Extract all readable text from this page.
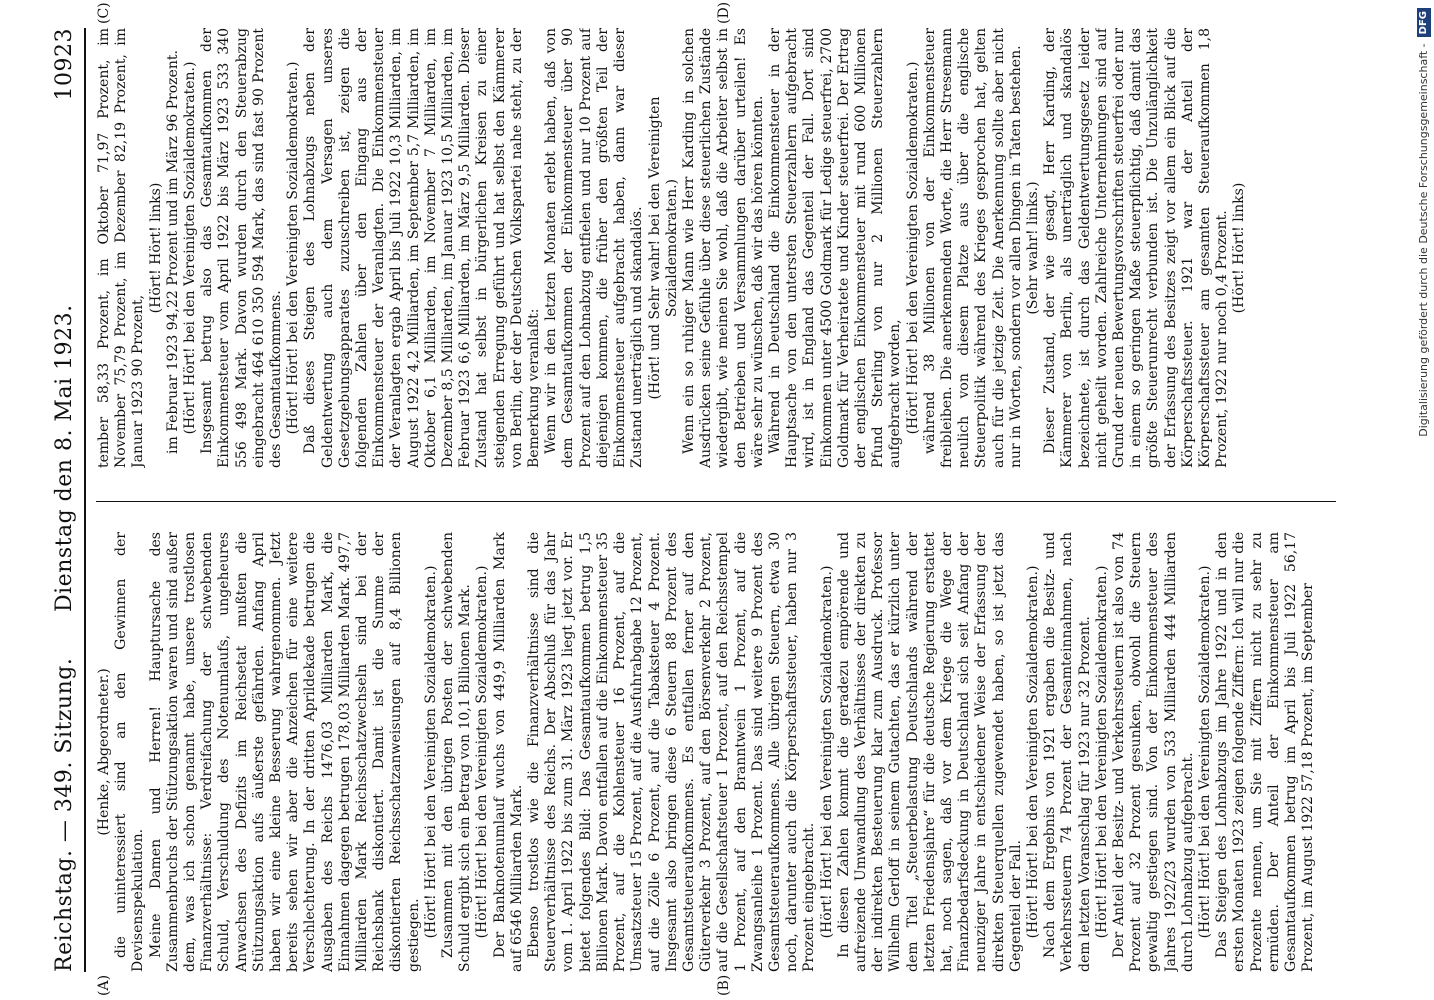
Reichstag. — 349. Sitzung.
Dienstag den 8. Mai 1923.
10923
(A)	(B)
(C)	(D)

(Henke, Abgeordneter.) die uninteressiert sind an den Gewinnen der Devisenspekulation. Meine Damen und Herren! Hauptursache des Zusammenbruchs der Stützungsaktion waren und sind außer dem, was ich schon genannt habe, unsere trostlosen Finanzverhältnisse: Verdreifachung der schwebenden Schuld, Verschuldung des Notenumlaufs, ungeheures Anwachsen des Defizits im Reichsetat mußten die Stützungsaktion aufs äußerste gefährden. Anfang April haben wir eine kleine Besserung wahrgenommen. Jetzt bereits sehen wir aber die Anzeichen für eine weitere Verschlechterung. In der dritten Aprildekade betrugen die Ausgaben des Reichs 1476,03 Milliarden Mark, die Einnahmen dagegen betrugen 178,03 Milliarden Mark. 497,7 Milliarden Mark Reichsschatzwechseln sind bei der Reichsbank diskontiert. Damit ist die Summe der diskontierten Reichsschatzanweisungen auf 8,4 Billionen gestiegen. (Hört! Hört! bei den Vereinigten Sozialdemokraten.) Zusammen mit den übrigen Posten der schwebenden Schuld ergibt sich ein Betrag von 10,1 Billionen Mark. (Hört! Hört! bei den Vereinigten Sozialdemokraten.) Der Banknotenumlauf wuchs von 449,9 Milliarden Mark auf 6546 Milliarden Mark. Ebenso trostlos wie die Finanzverhältnisse sind die Steuerverhältnisse des Reichs. Der Abschluß für das Jahr vom 1. April 1922 bis zum 31. März 1923 liegt jetzt vor. Er bietet folgendes Bild: Das Gesamtaufkommen betrug 1,5 Billionen Mark. Davon entfallen auf die Einkommensteuer 35 Prozent, auf die Kohlensteuer 16 Prozent, auf die Umsatzsteuer 15 Prozent, auf die Ausfuhrabgabe 12 Prozent, auf die Zölle 6 Prozent, auf die Tabaksteuer 4 Prozent. Insgesamt also bringen diese 6 Steuern 88 Prozent des Gesamtsteueraufkommens. Es entfallen ferner auf den Güterverkehr 3 Prozent, auf den Börsenverkehr 2 Prozent, auf die Gesellschaftsteuer 1 Prozent, auf den Reichsstempel 1 Prozent, auf den Branntwein 1 Prozent, auf die Zwangsanleihe 1 Prozent. Das sind weitere 9 Prozent des Gesamtsteueraufkommens. Alle übrigen Steuern, etwa 30 noch, darunter auch die Körperschaftssteuer, haben nur 3 Prozent eingebracht. (Hört! Hört! bei den Vereinigten Sozialdemokraten.) In diesen Zahlen kommt die geradezu empörende und aufreizende Umwandlung des Verhältnisses der direkten zu der indirekten Besteuerung klar zum Ausdruck. Professor Wilhelm Gerloff in seinem Gutachten, das er kürzlich unter dem Titel „Steuerbelastung Deutschlands während der letzten Friedensjahre“ für die deutsche Regierung erstattet hat, noch sagen, daß vor dem Kriege die Wege der Finanzbedarfsdeckung in Deutschland sich seit Anfang der neunziger Jahre in entschiedener Weise der Erfassung der direkten Steuerquellen zugewendet haben, so ist jetzt das Gegenteil der Fall. (Hört! Hört! bei den Vereinigten Sozialdemokraten.) Nach dem Ergebnis von 1921 ergaben die Besitz- und Verkehrssteuern 74 Prozent der Gesamteinnahmen, nach dem letzten Voranschlag für 1923 nur 32 Prozent. (Hört! Hört! bei den Vereinigten Sozialdemokraten.) Der Anteil der Besitz- und Verkehrssteuern ist also von 74 Prozent auf 32 Prozent gesunken, obwohl die Steuern gewaltig gestiegen sind. Von der Einkommensteuer des Jahres 1922/23 wurden von 533 Milliarden 444 Milliarden durch Lohnabzug aufgebracht. (Hört! Hört! bei den Vereinigten Sozialdemokraten.) Das Steigen des Lohnabzugs im Jahre 1922 und in den ersten Monaten 1923 zeigen folgende Ziffern: Ich will nur die Prozente nennen, um Sie mit Ziffern nicht zu sehr zu ermüden. Der Anteil der Einkommensteuer am Gesamtaufkommen betrug im April bis Juli 1922 56,17 Prozent, im August 1922 57,18 Prozent, im September

tember 58,33 Prozent, im Oktober 71,97 Prozent, im November 75,79 Prozent, im Dezember 82,19 Prozent, im Januar 1923 90 Prozent,

(Hört! Hört! links) im Februar 1923 94,22 Prozent und im März 96 Prozent. (Hört! Hört! bei den Vereinigten Sozialdemokraten.) Insgesamt betrug also das Gesamtaufkommen der Einkommensteuer vom April 1922 bis März 1923 533 340 556 498 Mark. Davon wurden durch den Steuerabzug eingebracht 464 610 350 594 Mark, das sind fast 90 Prozent des Gesamtaufkommens. (Hört! Hört! bei den Vereinigten Sozialdemokraten.) Daß dieses Steigen des Lohnabzugs neben der Geldentwertung auch dem Versagen unseres Gesetzgebungsapparates zuzuschreiben ist, zeigen die folgenden Zahlen über den Eingang aus der Einkommensteuer der Veranlagten. Die Einkommensteuer der Veranlagten ergab April bis Juli 1922 10,3 Milliarden, im August 1922 4,2 Milliarden, im September 5,7 Milliarden, im Oktober 6,1 Milliarden, im November 7 Milliarden, im Dezember 8,5 Milliarden, im Januar 1923 10,5 Milliarden, im Februar 1923 6,6 Milliarden, im März 9,5 Milliarden. Dieser Zustand hat selbst in bürgerlichen Kreisen zu einer steigenden Erregung geführt und hat selbst den Kämmerer von Berlin, der der Deutschen Volkspartei nahe steht, zu der Bemerkung veranlaßt: Wenn wir in den letzten Monaten erlebt haben, daß von dem Gesamtaufkommen der Einkommensteuer über 90 Prozent auf den Lohnabzug entfielen und nur 10 Prozent auf diejenigen kommen, die früher den größten Teil der Einkommensteuer aufgebracht haben, dann war dieser Zustand unerträglich und skandalös. (Hört! und Sehr wahr! bei den Vereinigten Sozialdemokraten.) Wenn ein so ruhiger Mann wie Herr Karding in solchen Ausdrücken seine Gefühle über diese steuerlichen Zustände wiedergibt, wie meinen Sie wohl, daß die Arbeiter selbst in den Betrieben und Versammlungen darüber urteilen! Es wäre sehr zu wünschen, daß wir das hören könnten. Während in Deutschland die Einkommensteuer in der Hauptsache von den untersten Steuerzahlern aufgebracht wird, ist in England das Gegenteil der Fall. Dort sind Einkommen unter 4500 Goldmark für Ledige steuerfrei, 2700 Goldmark für Verheiratete und Kinder steuerfrei. Der Ertrag der englischen Einkommensteuer mit rund 600 Millionen Pfund Sterling von nur 2 Millionen Steuerzahlern aufgebracht worden, (Hört! Hört! bei den Vereinigten Sozialdemokraten.) während 38 Millionen von der Einkommensteuer freibleiben. Die anerkennenden Worte, die Herr Stresemann neulich von diesem Platze aus über die englische Steuerpolitik während des Krieges gesprochen hat, gelten auch für die jetzige Zeit. Die Anerkennung sollte aber nicht nur in Worten, sondern vor allen Dingen in Taten bestehen. (Sehr wahr! links.) Dieser Zustand, der wie gesagt, Herr Karding, der Kämmerer von Berlin, als unerträglich und skandalös bezeichnete, ist durch das Geldentwertungsgesetz leider nicht geheilt worden. Zahlreiche Unternehmungen sind auf Grund der neuen Bewertungsvorschriften steuerfrei oder nur in einem so geringen Maße steuerpflichtig, daß damit das größte Steuerunrecht verbunden ist. Die Unzulänglichkeit der Erfassung des Besitzes zeigt vor allem ein Blick auf die Körperschaftssteuer. 1921 war der Anteil der Körperschaftssteuer am gesamten Steueraufkommen 1,8 Prozent, 1922 nur noch 0,4 Prozent. (Hört! Hört! links)	Digitalisierung gefördert durch die Deutsche Forschungsgemeinschaft -
DFG
